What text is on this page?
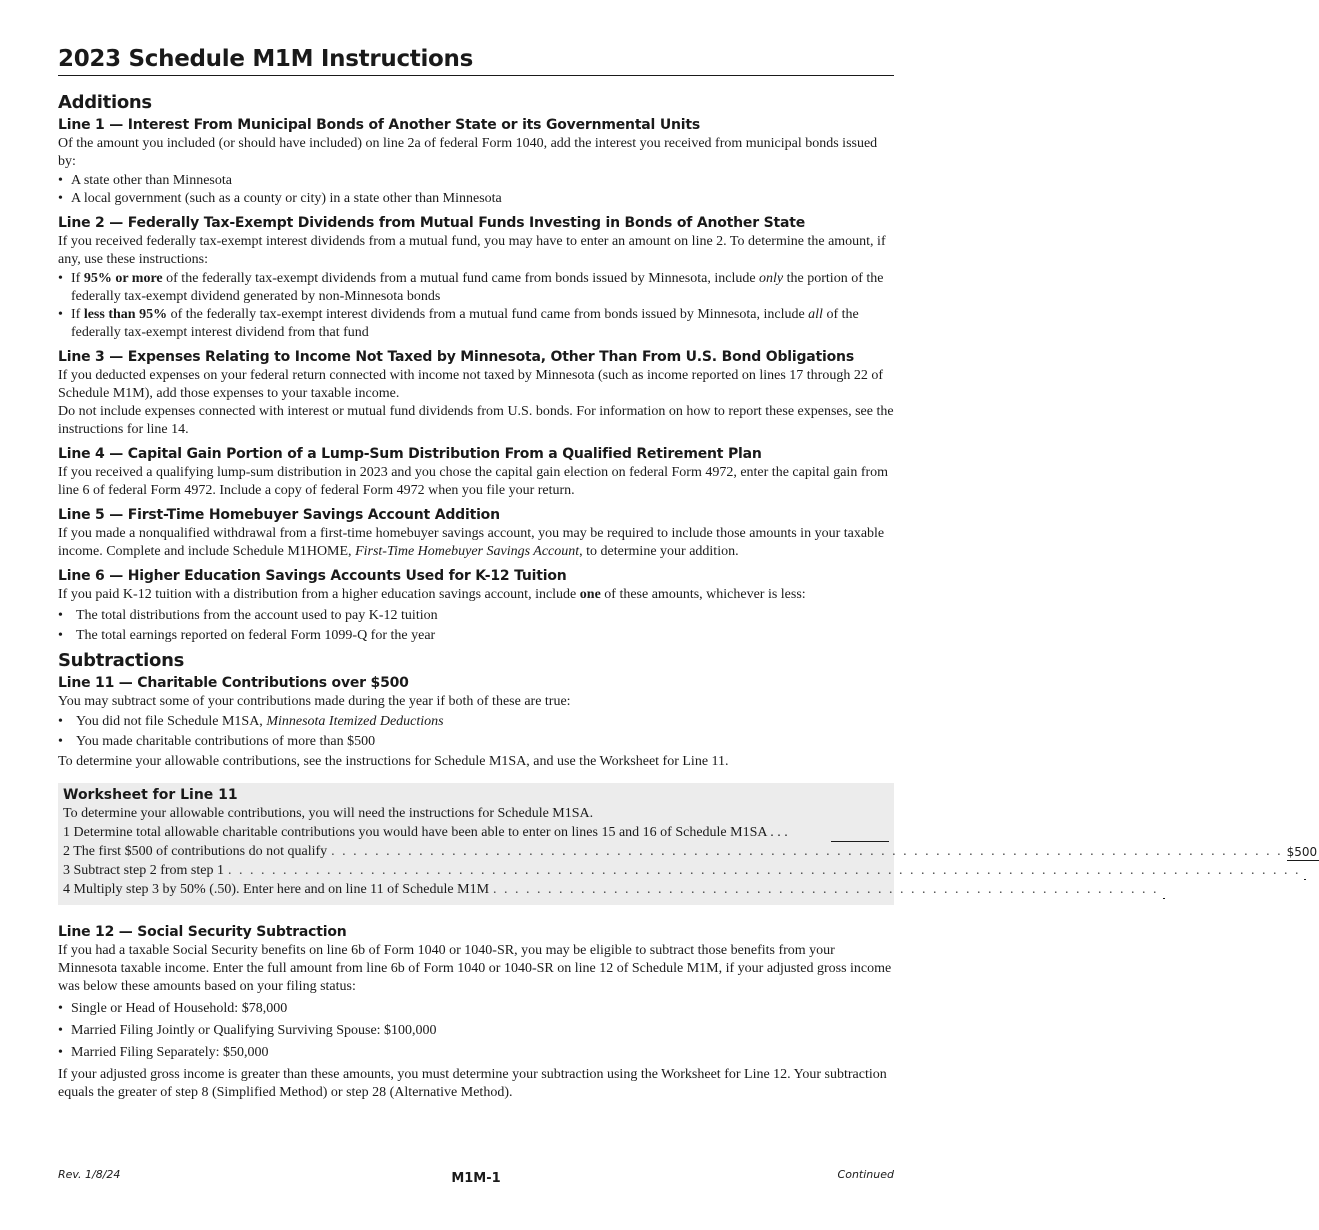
2023 Schedule M1M Instructions
Additions
Line 1 — Interest From Municipal Bonds of Another State or its Governmental Units

Of the amount you included (or should have included) on line 2a of federal Form 1040, add the interest you received from municipal bonds issued by:

• A state other than Minnesota
• A local government (such as a county or city) in a state other than Minnesota
Line 2 — Federally Tax-Exempt Dividends from Mutual Funds Investing in Bonds of Another State

If you received federally tax-exempt interest dividends from a mutual fund, you may have to enter an amount on line 2. To determine the amount, if any, use these instructions:

• If 95% or more of the federally tax-exempt dividends from a mutual fund came from bonds issued by Minnesota, include only the portion of the federally tax-exempt dividend generated by non-Minnesota bonds
• If less than 95% of the federally tax-exempt interest dividends from a mutual fund came from bonds issued by Minnesota, include all of the federally tax-exempt interest dividend from that fund
Line 3 — Expenses Relating to Income Not Taxed by Minnesota, Other Than From U.S. Bond Obligations

If you deducted expenses on your federal return connected with income not taxed by Minnesota (such as income reported on lines 17 through 22 of Schedule M1M), add those expenses to your taxable income.

Do not include expenses connected with interest or mutual fund dividends from U.S. bonds. For information on how to report these expenses, see the instructions for line 14.

Line 4 — Capital Gain Portion of a Lump-Sum Distribution From a Qualified Retirement Plan

If you received a qualifying lump-sum distribution in 2023 and you chose the capital gain election on federal Form 4972, enter the capital gain from line 6 of federal Form 4972. Include a copy of federal Form 4972 when you file your return.

Line 5 — First-Time Homebuyer Savings Account Addition

If you made a nonqualified withdrawal from a first-time homebuyer savings account, you may be required to include those amounts in your taxable income. Complete and include Schedule M1HOME, First-Time Homebuyer Savings Account, to determine your addition.

Line 6 — Higher Education Savings Accounts Used for K-12 Tuition

If you paid K-12 tuition with a distribution from a higher education savings account, include one of these amounts, whichever is less:

• The total distributions from the account used to pay K-12 tuition
• The total earnings reported on federal Form 1099-Q for the year
Subtractions
Line 11 — Charitable Contributions over $500

You may subtract some of your contributions made during the year if both of these are true:

• You did not file Schedule M1SA, Minnesota Itemized Deductions
• You made charitable contributions of more than $500

To determine your allowable contributions, see the instructions for Schedule M1SA, and use the Worksheet for Line 11.

Worksheet for Line 11
To determine your allowable contributions, you will need the instructions for Schedule M1SA.
1 Determine total allowable charitable contributions you would have been able to enter on lines 15 and 16 of Schedule M1SA . . .
2 The first $500 of contributions do not qualify . . . . . . . . . . . . . . . . . . . . . . . . . . . . . . . . . . . . . . . . . . . . . . . . . . . . . . . . . . . . . . . . . . . . . . . . . . . . . . . . . . . . . . . $500
3 Subtract step 2 from step 1 . . . . . . . . . . . . . . . . . . . . . . . . . . . . . . . . . . . . . . . . . . . . . . . . . . . . . . . . . . . . . . . . . . . . . . . . . . . . . . . . . . . . . . . . . . . . . . . . . .
4 Multiply step 3 by 50% (.50). Enter here and on line 11 of Schedule M1M . . . . . . . . . . . . . . . . . . . . . . . . . . . . . . . . . . . . . . . . . . . . . . . . . . . . . . . . . . . . .
Line 12 — Social Security Subtraction

If you had a taxable Social Security benefits on line 6b of Form 1040 or 1040-SR, you may be eligible to subtract those benefits from your Minnesota taxable income. Enter the full amount from line 6b of Form 1040 or 1040-SR on line 12 of Schedule M1M, if your adjusted gross income was below these amounts based on your filing status:

• Single or Head of Household: $78,000
• Married Filing Jointly or Qualifying Surviving Spouse: $100,000
• Married Filing Separately: $50,000

If your adjusted gross income is greater than these amounts, you must determine your subtraction using the Worksheet for Line 12. Your subtraction equals the greater of step 8 (Simplified Method) or step 28 (Alternative Method).

Rev. 1/8/24	M1M-1	Continued
